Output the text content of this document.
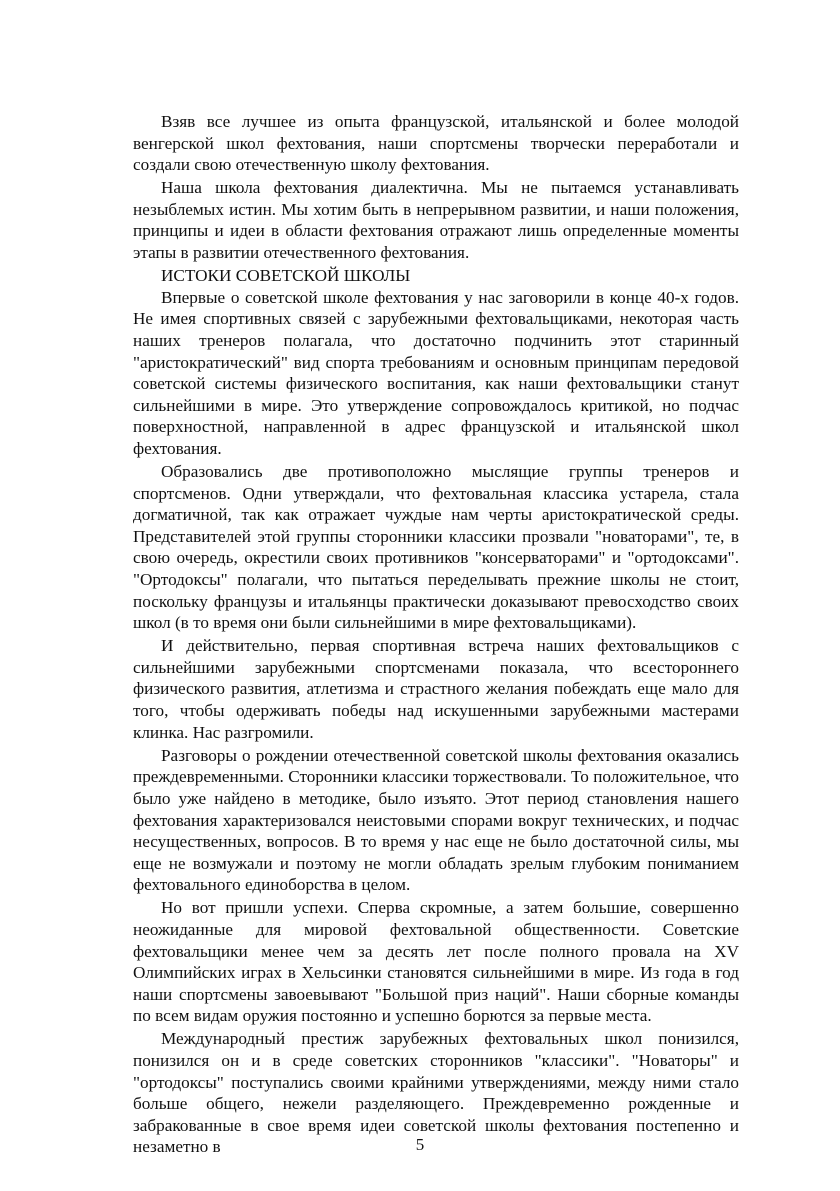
Взяв все лучшее из опыта французской, итальянской и более молодой венгерской школ фехтования, наши спортсмены творчески переработали и создали свою отечественную школу фехтования.

Наша школа фехтования диалектична. Мы не пытаемся устанавливать незыблемых истин. Мы хотим быть в непрерывном развитии, и наши положения, принципы и идеи в области фехтования отражают лишь определенные моменты этапы в развитии отечественного фехтования.

ИСТОКИ СОВЕТСКОЙ ШКОЛЫ

Впервые о советской школе фехтования у нас заговорили в конце 40-х годов. Не имея спортивных связей с зарубежными фехтовальщиками, некоторая часть наших тренеров полагала, что достаточно подчинить этот старинный "аристократический" вид спорта требованиям и основным принципам передовой советской системы физического воспитания, как наши фехтовальщики станут сильнейшими в мире. Это утверждение сопровождалось критикой, но подчас поверхностной, направленной в адрес французской и итальянской школ фехтования.

Образовались две противоположно мыслящие группы тренеров и спортсменов. Одни утверждали, что фехтовальная классика устарела, стала догматичной, так как отражает чуждые нам черты аристократической среды. Представителей этой группы сторонники классики прозвали "новаторами", те, в свою очередь, окрестили своих противников "консерваторами" и "ортодоксами". "Ортодоксы" полагали, что пытаться переделывать прежние школы не стоит, поскольку французы и итальянцы практически доказывают превосходство своих школ (в то время они были сильнейшими в мире фехтовальщиками).

И действительно, первая спортивная встреча наших фехтовальщиков с сильнейшими зарубежными спортсменами показала, что всестороннего физического развития, атлетизма и страстного желания побеждать еще мало для того, чтобы одерживать победы над искушенными зарубежными мастерами клинка. Нас разгромили.

Разговоры о рождении отечественной советской школы фехтования оказались преждевременными. Сторонники классики торжествовали. То положительное, что было уже найдено в методике, было изъято. Этот период становления нашего фехтования характеризовался неистовыми спорами вокруг технических, и подчас несущественных, вопросов. В то время у нас еще не было достаточной силы, мы еще не возмужали и поэтому не могли обладать зрелым глубоким пониманием фехтовального единоборства в целом.

Но вот пришли успехи. Сперва скромные, а затем большие, совершенно неожиданные для мировой фехтовальной общественности. Советские фехтовальщики менее чем за десять лет после полного провала на XV Олимпийских играх в Хельсинки становятся сильнейшими в мире. Из года в год наши спортсмены завоевывают "Большой приз наций". Наши сборные команды по всем видам оружия постоянно и успешно борются за первые места.

Международный престиж зарубежных фехтовальных школ понизился, понизился он и в среде советских сторонников "классики". "Новаторы" и "ортодоксы" поступались своими крайними утверждениями, между ними стало больше общего, нежели разделяющего. Преждевременно рожденные и забракованные в свое время идеи советской школы фехтования постепенно и незаметно в	5
